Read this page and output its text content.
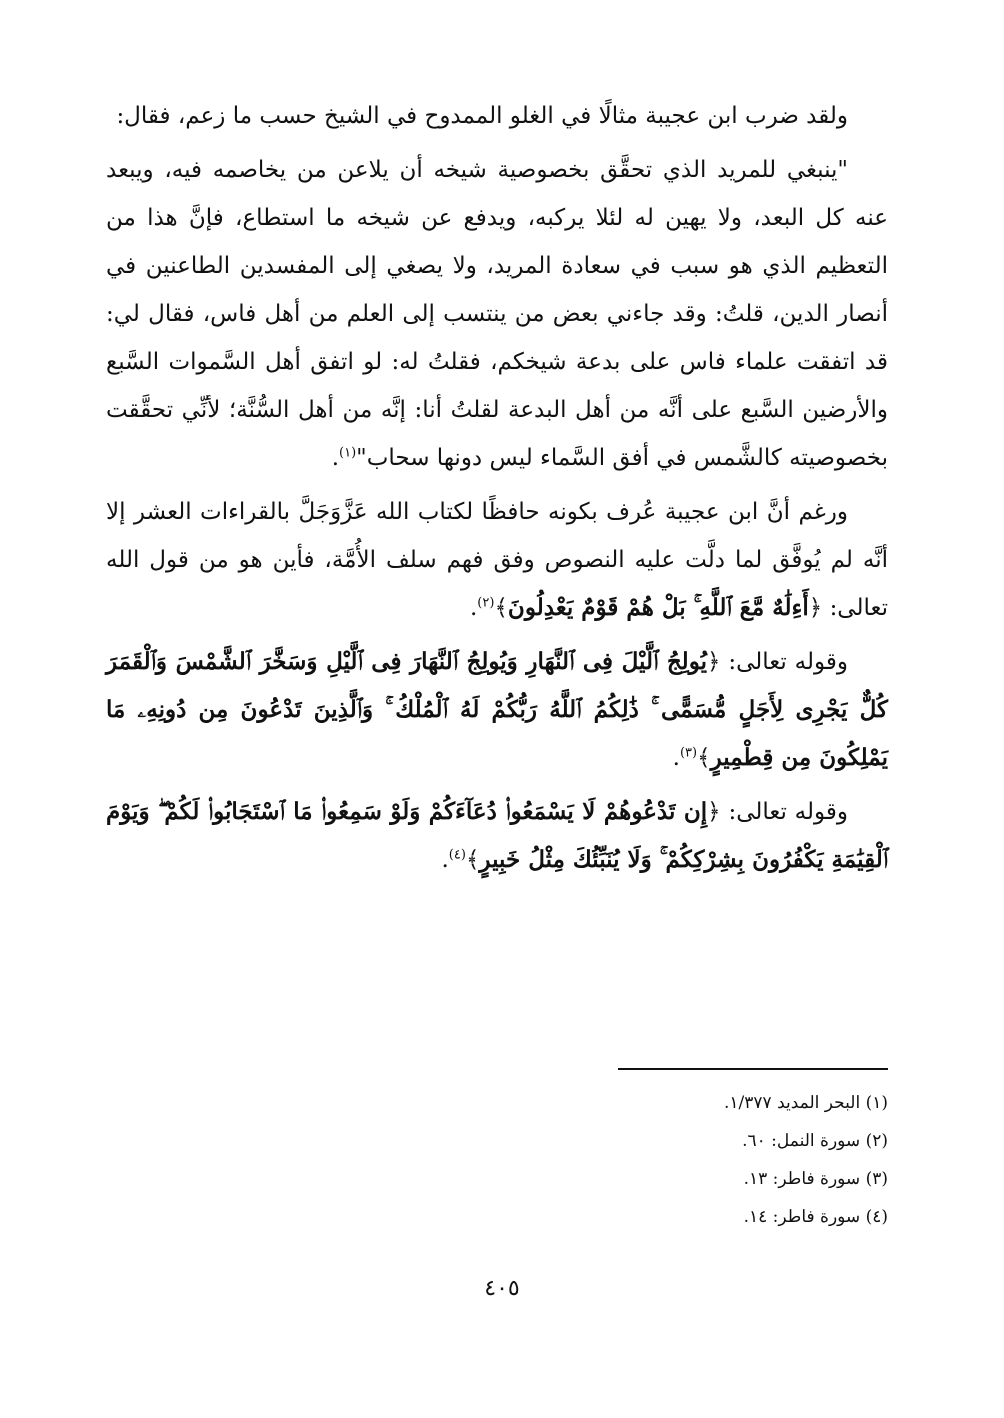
ولقد ضرب ابن عجيبة مثالًا في الغلو الممدوح في الشيخ حسب ما زعم، فقال:

"ينبغي للمريد الذي تحقَّق بخصوصية شيخه أن يلاعن من يخاصمه فيه، ويبعد عنه كل البعد، ولا يهين له لئلا يركبه، ويدفع عن شيخه ما استطاع، فإنَّ هذا من التعظيم الذي هو سبب في سعادة المريد، ولا يصغي إلى المفسدين الطاعنين في أنصار الدين، قلتُ: وقد جاءني بعض من ينتسب إلى العلم من أهل فاس، فقال لي: قد اتفقت علماء فاس على بدعة شيخكم، فقلتُ له: لو اتفق أهل السَّموات السَّبع والأرضين السَّبع على أنَّه من أهل البدعة لقلتُ أنا: إنَّه من أهل السُّنَّة؛ لأنِّي تحقَّقت بخصوصيته كالشَّمس في أفق السَّماء ليس دونها سحاب"$^{(١)}$.

ورغم أنَّ ابن عجيبة عُرف بكونه حافظًا لكتاب الله عَزَّوَجَلَّ بالقراءات العشر إلا أنَّه لم يُوفَّق لما دلَّت عليه النصوص وفق فهم سلف الأُمَّة، فأين هو من قول الله تعالى: ﴿أَءِلَٰهٌ مَّعَ ٱللَّهِ ۚ بَلْ هُمْ قَوْمٌ يَعْدِلُونَ﴾$^{(٢)}$.

وقوله تعالى: ﴿يُولِجُ ٱلَّيْلَ فِى ٱلنَّهَارِ وَيُولِجُ ٱلنَّهَارَ فِى ٱلَّيْلِ وَسَخَّرَ ٱلشَّمْسَ وَٱلْقَمَرَ كُلٌّ يَجْرِى لِأَجَلٍ مُّسَمًّى ۚ ذَٰلِكُمُ ٱللَّهُ رَبُّكُمْ لَهُ ٱلْمُلْكُ ۚ وَٱلَّذِينَ تَدْعُونَ مِن دُونِهِۦ مَا يَمْلِكُونَ مِن قِطْمِيرٍ﴾$^{(٣)}$.

وقوله تعالى: ﴿إِن تَدْعُوهُمْ لَا يَسْمَعُوا۟ دُعَآءَكُمْ وَلَوْ سَمِعُوا۟ مَا ٱسْتَجَابُوا۟ لَكُمْ ۖ وَيَوْمَ ٱلْقِيَٰمَةِ يَكْفُرُونَ بِشِرْكِكُمْ ۚ وَلَا يُنَبِّئُكَ مِثْلُ خَبِيرٍ﴾$^{(٤)}$.

(١) البحر المديد ١/٣٧٧.
(٢) سورة النمل: ٦٠.
(٣) سورة فاطر: ١٣.
(٤) سورة فاطر: ١٤.
٤٠٥
